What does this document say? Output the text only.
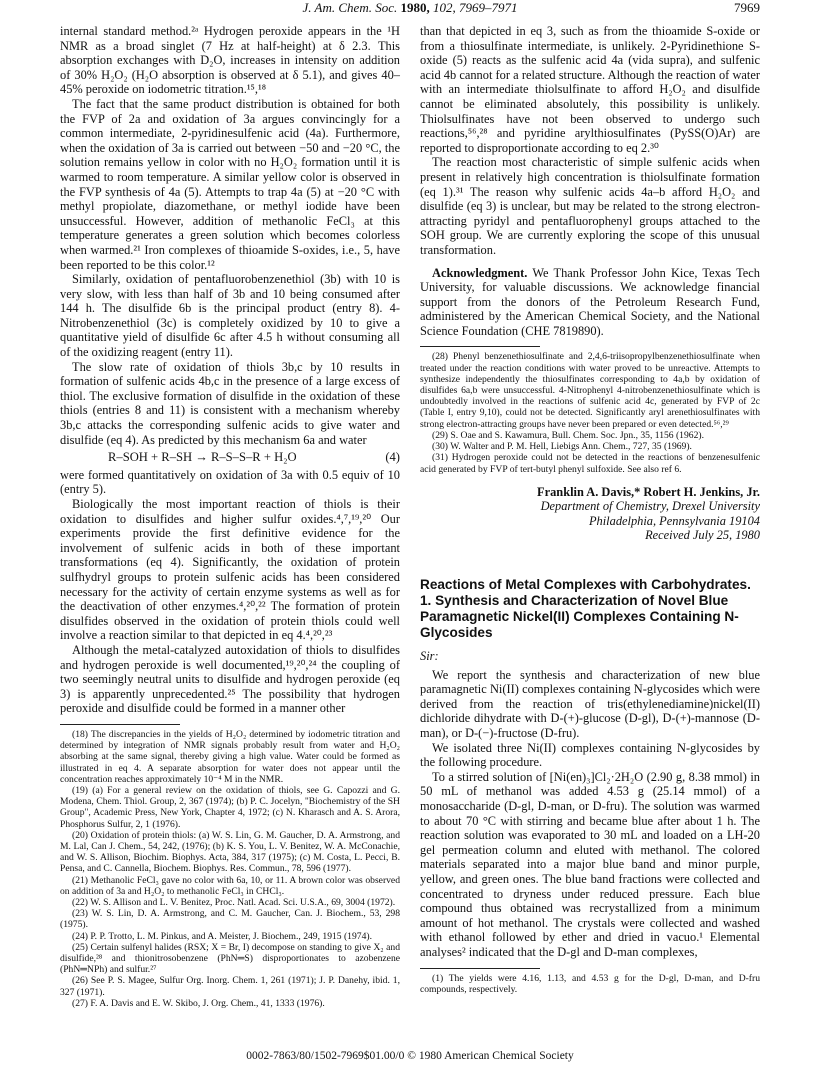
J. Am. Chem. Soc. 1980, 102, 7969–7971	7969

internal standard method.²ᵃ Hydrogen peroxide appears in the ¹H NMR as a broad singlet (7 Hz at half-height) at δ 2.3. This absorption exchanges with D₂O, increases in intensity on addition of 30% H₂O₂ (H₂O absorption is observed at δ 5.1), and gives 40–45% peroxide on iodometric titration.¹⁵,¹⁸

The fact that the same product distribution is obtained for both the FVP of 2a and oxidation of 3a argues convincingly for a common intermediate, 2-pyridinesulfenic acid (4a). Furthermore, when the oxidation of 3a is carried out between −50 and −20 °C, the solution remains yellow in color with no H₂O₂ formation until it is warmed to room temperature. A similar yellow color is observed in the FVP synthesis of 4a (5). Attempts to trap 4a (5) at −20 °C with methyl propiolate, diazomethane, or methyl iodide have been unsuccessful. However, addition of methanolic FeCl₃ at this temperature generates a green solution which becomes colorless when warmed.²¹ Iron complexes of thioamide S-oxides, i.e., 5, have been reported to be this color.¹²

Similarly, oxidation of pentafluorobenzenethiol (3b) with 10 is very slow, with less than half of 3b and 10 being consumed after 144 h. The disulfide 6b is the principal product (entry 8). 4-Nitrobenzenethiol (3c) is completely oxidized by 10 to give a quantitative yield of disulfide 6c after 4.5 h without consuming all of the oxidizing reagent (entry 11).

The slow rate of oxidation of thiols 3b,c by 10 results in formation of sulfenic acids 4b,c in the presence of a large excess of thiol. The exclusive formation of disulfide in the oxidation of these thiols (entries 8 and 11) is consistent with a mechanism whereby 3b,c attacks the corresponding sulfenic acids to give water and disulfide (eq 4). As predicted by this mechanism 6a and water

R–SOH + R–SH → R–S–S–R + H₂O	(4)

were formed quantitatively on oxidation of 3a with 0.5 equiv of 10 (entry 5).

Biologically the most important reaction of thiols is their oxidation to disulfides and higher sulfur oxides.⁴,⁷,¹⁹,²⁰ Our experiments provide the first definitive evidence for the involvement of sulfenic acids in both of these important transformations (eq 4). Significantly, the oxidation of protein sulfhydryl groups to protein sulfenic acids has been considered necessary for the activity of certain enzyme systems as well as for the deactivation of other enzymes.⁴,²⁰,²² The formation of protein disulfides observed in the oxidation of protein thiols could well involve a reaction similar to that depicted in eq 4.⁴,²⁰,²³

Although the metal-catalyzed autoxidation of thiols to disulfides and hydrogen peroxide is well documented,¹⁹,²⁰,²⁴ the coupling of two seemingly neutral units to disulfide and hydrogen peroxide (eq 3) is apparently unprecedented.²⁵ The possibility that hydrogen peroxide and disulfide could be formed in a manner other

(18) The discrepancies in the yields of H₂O₂ determined by iodometric titration and determined by integration of NMR signals probably result from water and H₂O₂ absorbing at the same signal, thereby giving a high value. Water could be formed as illustrated in eq 4. A separate absorption for water does not appear until the concentration reaches approximately 10⁻⁴ M in the NMR.

(19) (a) For a general review on the oxidation of thiols, see G. Capozzi and G. Modena, Chem. Thiol. Group, 2, 367 (1974); (b) P. C. Jocelyn, "Biochemistry of the SH Group", Academic Press, New York, Chapter 4, 1972; (c) N. Kharasch and A. S. Arora, Phosphorus Sulfur, 2, 1 (1976).

(20) Oxidation of protein thiols: (a) W. S. Lin, G. M. Gaucher, D. A. Armstrong, and M. Lal, Can J. Chem., 54, 242, (1976); (b) K. S. You, L. V. Benitez, W. A. McConachie, and W. S. Allison, Biochim. Biophys. Acta, 384, 317 (1975); (c) M. Costa, L. Pecci, B. Pensa, and C. Cannella, Biochem. Biophys. Res. Commun., 78, 596 (1977).

(21) Methanolic FeCl₃ gave no color with 6a, 10, or 11. A brown color was observed on addition of 3a and H₂O₂ to methanolic FeCl₃ in CHCl₃.

(22) W. S. Allison and L. V. Benitez, Proc. Natl. Acad. Sci. U.S.A., 69, 3004 (1972).

(23) W. S. Lin, D. A. Armstrong, and C. M. Gaucher, Can. J. Biochem., 53, 298 (1975).

(24) P. P. Trotto, L. M. Pinkus, and A. Meister, J. Biochem., 249, 1915 (1974).

(25) Certain sulfenyl halides (RSX; X = Br, I) decompose on standing to give X₂ and disulfide,²⁸ and thionitrosobenzene (PhN═S) disproportionates to azobenzene (PhN═NPh) and sulfur.²⁷

(26) See P. S. Magee, Sulfur Org. Inorg. Chem. 1, 261 (1971); J. P. Danehy, ibid. 1, 327 (1971).

(27) F. A. Davis and E. W. Skibo, J. Org. Chem., 41, 1333 (1976).

than that depicted in eq 3, such as from the thioamide S-oxide or from a thiosulfinate intermediate, is unlikely. 2-Pyridinethione S-oxide (5) reacts as the sulfenic acid 4a (vida supra), and sulfenic acid 4b cannot for a related structure. Although the reaction of water with an intermediate thiolsulfinate to afford H₂O₂ and disulfide cannot be eliminated absolutely, this possibility is unlikely. Thiolsulfinates have not been observed to undergo such reactions,⁵⁶,²⁸ and pyridine arylthiosulfinates (PySS(O)Ar) are reported to disproportionate according to eq 2.³⁰

The reaction most characteristic of simple sulfenic acids when present in relatively high concentration is thiolsulfinate formation (eq 1).³¹ The reason why sulfenic acids 4a–b afford H₂O₂ and disulfide (eq 3) is unclear, but may be related to the strong electron-attracting pyridyl and pentafluorophenyl groups attached to the SOH group. We are currently exploring the scope of this unusual transformation.

Acknowledgment. We Thank Professor John Kice, Texas Tech University, for valuable discussions. We acknowledge financial support from the donors of the Petroleum Research Fund, administered by the American Chemical Society, and the National Science Foundation (CHE 7819890).

(28) Phenyl benzenethiosulfinate and 2,4,6-triisopropylbenzenethiosulfinate when treated under the reaction conditions with water proved to be unreactive. Attempts to synthesize independently the thiosulfinates corresponding to 4a,b by oxidation of disulfides 6a,b were unsuccessful. 4-Nitrophenyl 4-nitrobenzenethiosulfinate which is undoubtedly involved in the reactions of sulfenic acid 4c, generated by FVP of 2c (Table I, entry 9,10), could not be detected. Significantly aryl arenethiosulfinates with strong electron-attracting groups have never been prepared or even detected.⁵⁶,²⁹

(29) S. Oae and S. Kawamura, Bull. Chem. Soc. Jpn., 35, 1156 (1962).

(30) W. Walter and P. M. Hell, Liebigs Ann. Chem., 727, 35 (1969).

(31) Hydrogen peroxide could not be detected in the reactions of benzenesulfenic acid generated by FVP of tert-butyl phenyl sulfoxide. See also ref 6.

Franklin A. Davis,* Robert H. Jenkins, Jr.
Department of Chemistry, Drexel University
Philadelphia, Pennsylvania 19104
Received July 25, 1980
Reactions of Metal Complexes with Carbohydrates. 1. Synthesis and Characterization of Novel Blue Paramagnetic Nickel(II) Complexes Containing N-Glycosides
Sir:

We report the synthesis and characterization of new blue paramagnetic Ni(II) complexes containing N-glycosides which were derived from the reaction of tris(ethylenediamine)nickel(II) dichloride dihydrate with D-(+)-glucose (D-gl), D-(+)-mannose (D-man), or D-(−)-fructose (D-fru).

We isolated three Ni(II) complexes containing N-glycosides by the following procedure.

To a stirred solution of [Ni(en)₃]Cl₂·2H₂O (2.90 g, 8.38 mmol) in 50 mL of methanol was added 4.53 g (25.14 mmol) of a monosaccharide (D-gl, D-man, or D-fru). The solution was warmed to about 70 °C with stirring and became blue after about 1 h. The reaction solution was evaporated to 30 mL and loaded on a LH-20 gel permeation column and eluted with methanol. The colored materials separated into a major blue band and minor purple, yellow, and green ones. The blue band fractions were collected and concentrated to dryness under reduced pressure. Each blue compound thus obtained was recrystallized from a minimum amount of hot methanol. The crystals were collected and washed with ethanol followed by ether and dried in vacuo.¹ Elemental analyses² indicated that the D-gl and D-man complexes,

(1) The yields were 4.16, 1.13, and 4.53 g for the D-gl, D-man, and D-fru compounds, respectively.

0002-7863/80/1502-7969$01.00/0 © 1980 American Chemical Society
